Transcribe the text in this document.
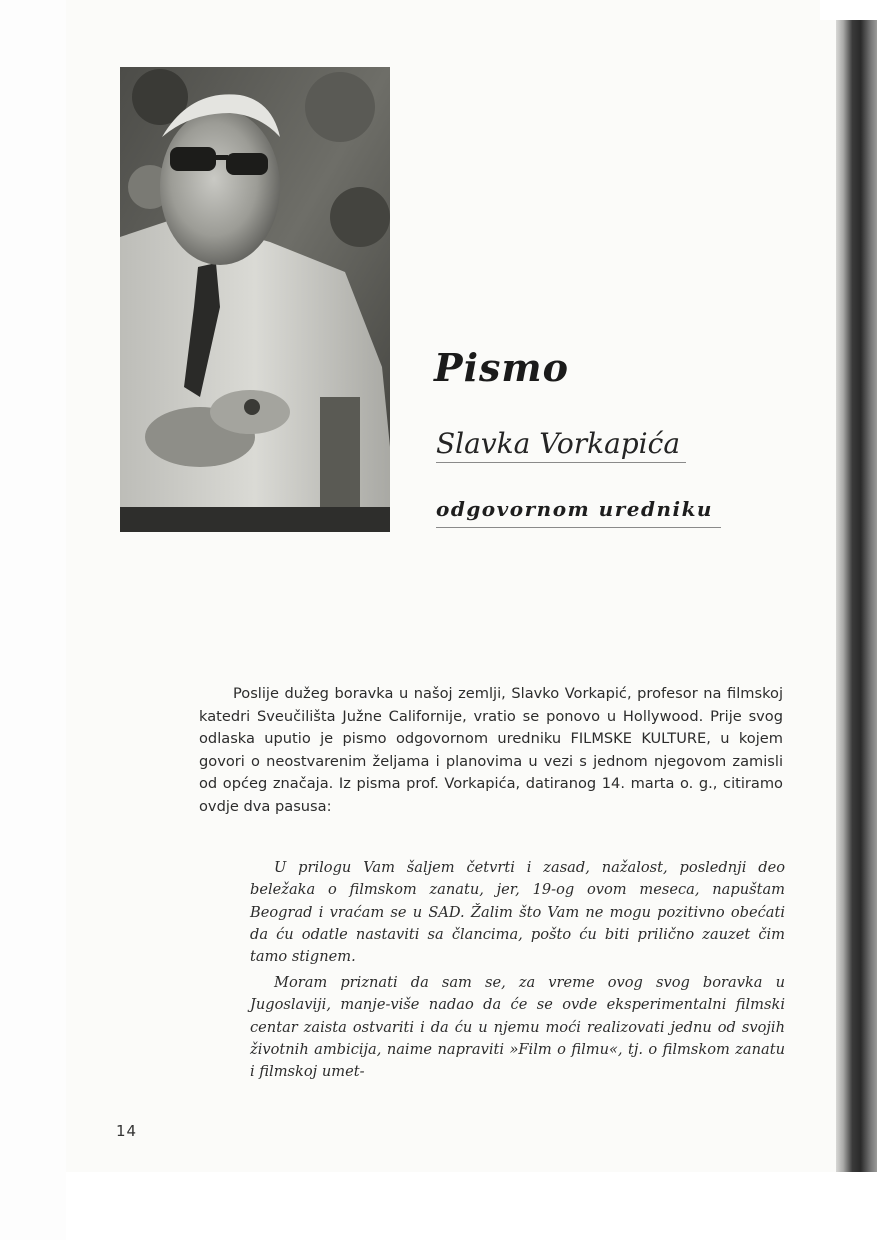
Pismo
Slavka Vorkapića
odgovornom uredniku

Poslije dužeg boravka u našoj zemlji, Slavko Vorkapić, profesor na filmskoj katedri Sveučilišta Južne Californije, vratio se ponovo u Hollywood. Prije svog odlaska uputio je pismo odgovornom uredniku FILMSKE KULTURE, u kojem govori o neostvarenim željama i planovima u vezi s jednom njegovom zamisli od općeg značaja. Iz pisma prof. Vorkapića, datiranog 14. marta o. g., citiramo ovdje dva pasusa:

U prilogu Vam šaljem četvrti i zasad, nažalost, poslednji deo beležaka o filmskom zanatu, jer, 19-og ovom meseca, napuštam Beograd i vraćam se u SAD. Žalim što Vam ne mogu pozitivno obećati da ću odatle nastaviti sa člancima, pošto ću biti prilično zauzet čim tamo stignem.

Moram priznati da sam se, za vreme ovog svog boravka u Jugoslaviji, manje-više nadao da će se ovde eksperimentalni filmski centar zaista ostvariti i da ću u njemu moći realizovati jednu od svojih životnih ambicija, naime napraviti »Film o filmu«, tj. o filmskom zanatu i filmskoj umet-

14
